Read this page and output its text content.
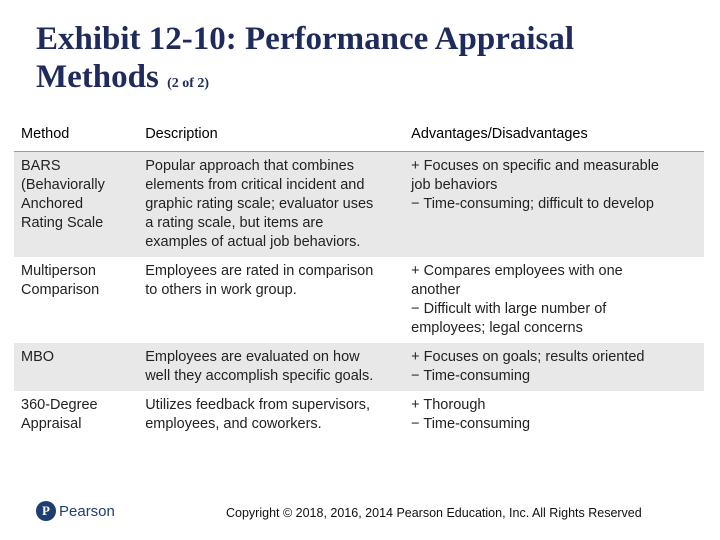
Exhibit 12-10: Performance Appraisal
Methods (2 of 2)
Method	Description	Advantages/Disadvantages

BARS
(Behaviorally
Anchored
Rating Scale	Popular approach that combines
elements from critical incident and
graphic rating scale; evaluator uses
a rating scale, but items are
examples of actual job behaviors.	+ Focuses on specific and measurable
job behaviors
− Time-consuming; difficult to develop

Multiperson
Comparison	Employees are rated in comparison
to others in work group.	+ Compares employees with one
another
− Difficult with large number of
employees; legal concerns

MBO	Employees are evaluated on how
well they accomplish specific goals.	+ Focuses on goals; results oriented
− Time-consuming

360-Degree
Appraisal	Utilizes feedback from supervisors,
employees, and coworkers.	+ Thorough
− Time-consuming
P Pearson	Copyright © 2018, 2016, 2014 Pearson Education, Inc. All Rights Reserved
